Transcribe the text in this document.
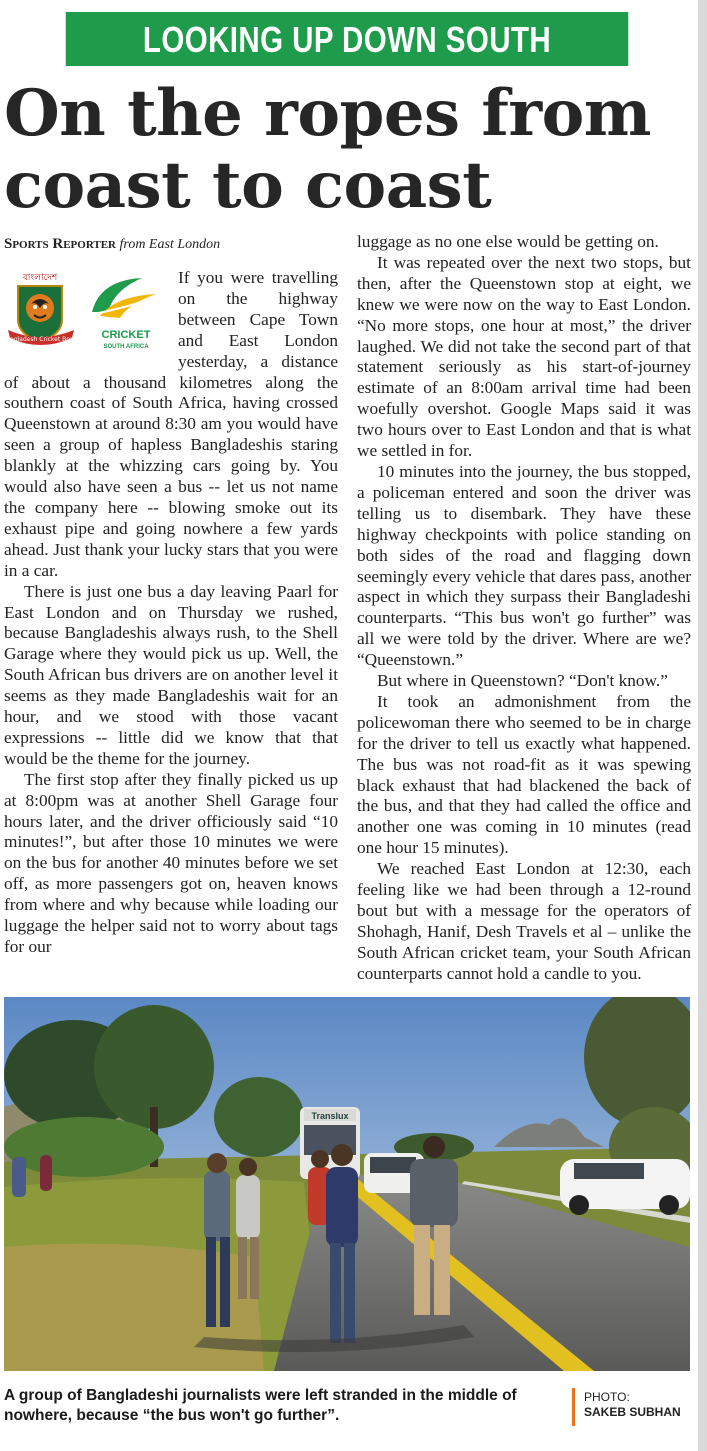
LOOKING UP DOWN SOUTH
On the ropes from
coast to coast
Sports Reporter from East London
বাংলাদেশ
Bangladesh Cricket Board CRICKET
SOUTH AFRICA

If you were travelling on the highway between Cape Town and East London yesterday, a distance of about a thousand kilometres along the southern coast of South Africa, having crossed Queenstown at around 8:30 am you would have seen a group of hapless Bangladeshis staring blankly at the whizzing cars going by. You would also have seen a bus -- let us not name the company here -- blowing smoke out its exhaust pipe and going nowhere a few yards ahead. Just thank your lucky stars that you were in a car.

There is just one bus a day leaving Paarl for East London and on Thursday we rushed, because Bangladeshis always rush, to the Shell Garage where they would pick us up. Well, the South African bus drivers are on another level it seems as they made Bangladeshis wait for an hour, and we stood with those vacant expressions -- little did we know that that would be the theme for the journey.

The first stop after they finally picked us up at 8:00pm was at another Shell Garage four hours later, and the driver officiously said “10 minutes!”, but after those 10 minutes we were on the bus for another 40 minutes before we set off, as more passengers got on, heaven knows from where and why because while loading our luggage the helper said not to worry about tags for our

luggage as no one else would be getting on.

It was repeated over the next two stops, but then, after the Queenstown stop at eight, we knew we were now on the way to East London. “No more stops, one hour at most,” the driver laughed. We did not take the second part of that statement seriously as his start-of-journey estimate of an 8:00am arrival time had been woefully overshot. Google Maps said it was two hours over to East London and that is what we settled in for.

10 minutes into the journey, the bus stopped, a policeman entered and soon the driver was telling us to disembark. They have these highway checkpoints with police standing on both sides of the road and flagging down seemingly every vehicle that dares pass, another aspect in which they surpass their Bangladeshi counterparts. “This bus won't go further” was all we were told by the driver. Where are we? “Queenstown.”

But where in Queenstown? “Don't know.”

It took an admonishment from the policewoman there who seemed to be in charge for the driver to tell us exactly what happened. The bus was not road-fit as it was spewing black exhaust that had blackened the back of the bus, and that they had called the office and another one was coming in 10 minutes (read one hour 15 minutes).

We reached East London at 12:30, each feeling like we had been through a 12-round bout but with a message for the operators of Shohagh, Hanif, Desh Travels et al – unlike the South African cricket team, your South African counterparts cannot hold a candle to you.

Translux
A group of Bangladeshi journalists were left stranded in the middle of nowhere, because “the bus won't go further”.
PHOTO:
SAKEB SUBHAN
